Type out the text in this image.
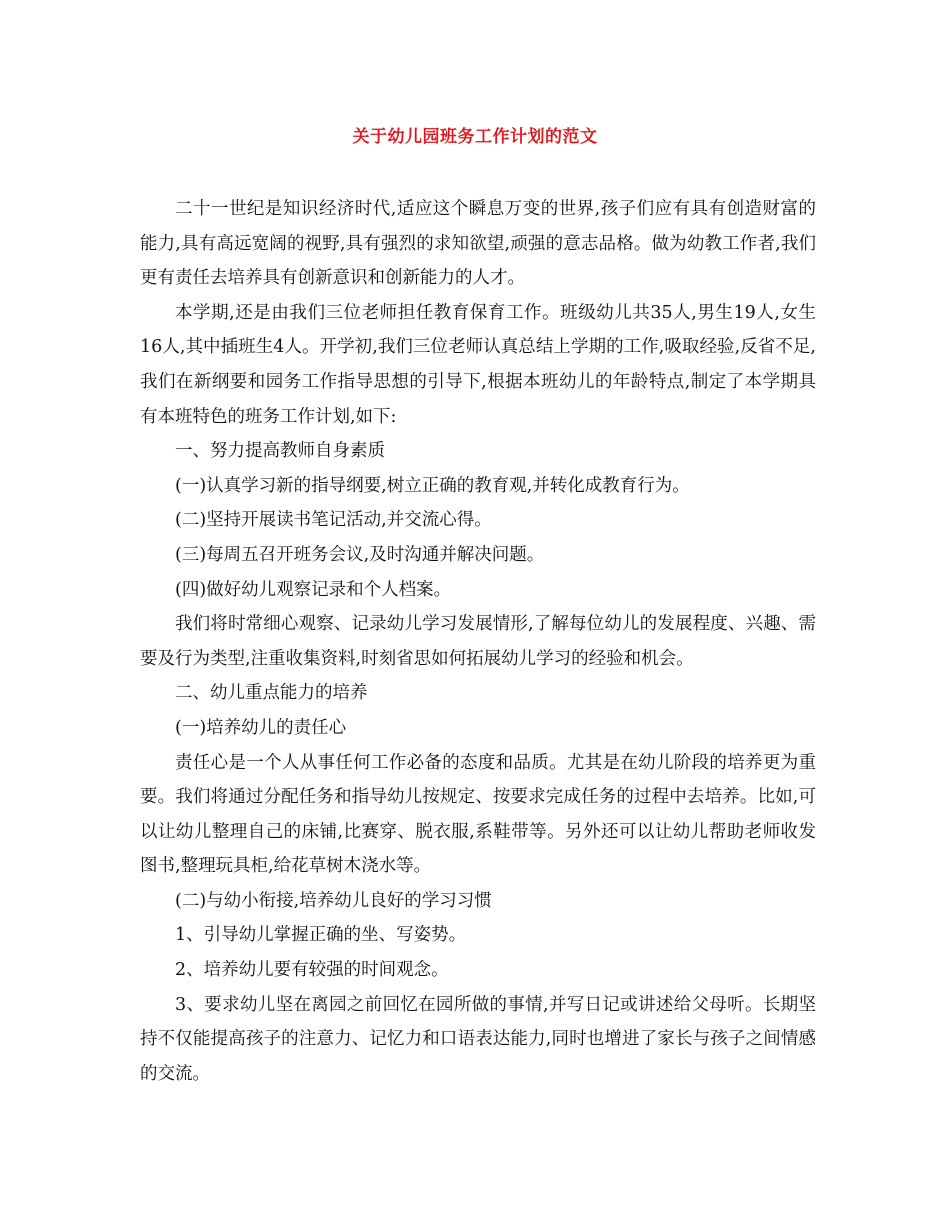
关于幼儿园班务工作计划的范文

二十一世纪是知识经济时代,适应这个瞬息万变的世界,孩子们应有具有创造财富的能力,具有高远宽阔的视野,具有强烈的求知欲望,顽强的意志品格。做为幼教工作者,我们更有责任去培养具有创新意识和创新能力的人才。

本学期,还是由我们三位老师担任教育保育工作。班级幼儿共35人,男生19人,女生16人,其中插班生4人。开学初,我们三位老师认真总结上学期的工作,吸取经验,反省不足,我们在新纲要和园务工作指导思想的引导下,根据本班幼儿的年龄特点,制定了本学期具有本班特色的班务工作计划,如下:

一、努力提高教师自身素质

(一)认真学习新的指导纲要,树立正确的教育观,并转化成教育行为。

(二)坚持开展读书笔记活动,并交流心得。

(三)每周五召开班务会议,及时沟通并解决问题。

(四)做好幼儿观察记录和个人档案。

我们将时常细心观察、记录幼儿学习发展情形,了解每位幼儿的发展程度、兴趣、需要及行为类型,注重收集资料,时刻省思如何拓展幼儿学习的经验和机会。

二、幼儿重点能力的培养

(一)培养幼儿的责任心

责任心是一个人从事任何工作必备的态度和品质。尤其是在幼儿阶段的培养更为重要。我们将通过分配任务和指导幼儿按规定、按要求完成任务的过程中去培养。比如,可以让幼儿整理自己的床铺,比赛穿、脱衣服,系鞋带等。另外还可以让幼儿帮助老师收发图书,整理玩具柜,给花草树木浇水等。

(二)与幼小衔接,培养幼儿良好的学习习惯

1、引导幼儿掌握正确的坐、写姿势。

2、培养幼儿要有较强的时间观念。

3、要求幼儿坚在离园之前回忆在园所做的事情,并写日记或讲述给父母听。长期坚持不仅能提高孩子的注意力、记忆力和口语表达能力,同时也增进了家长与孩子之间情感的交流。
